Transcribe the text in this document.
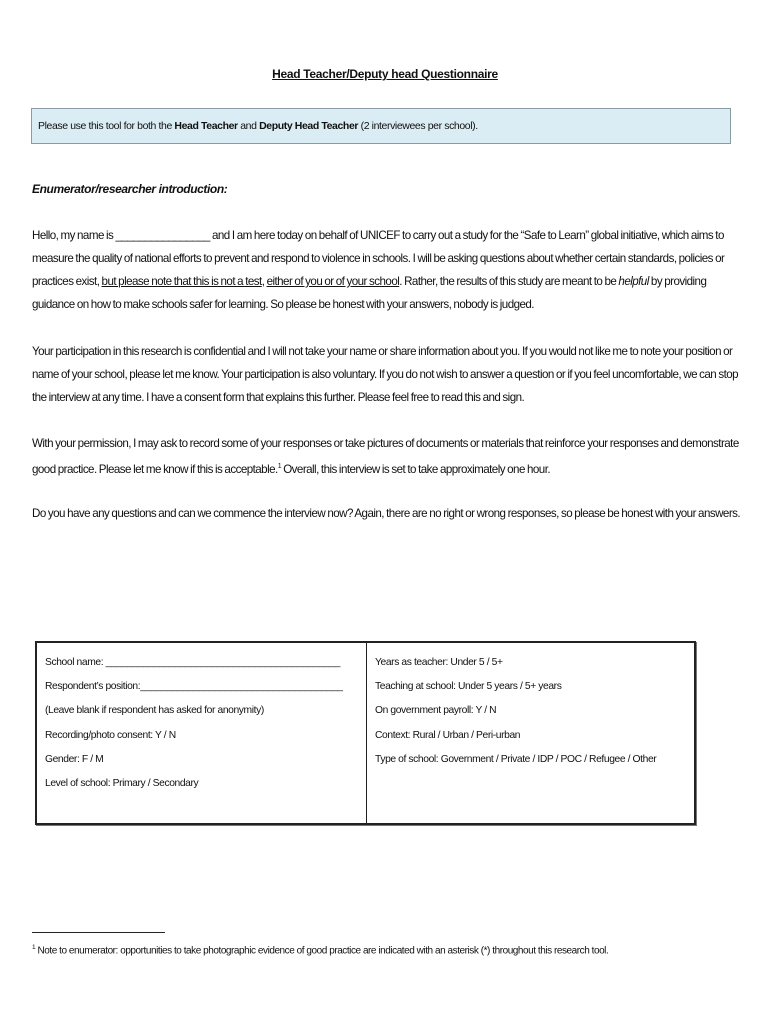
Head Teacher/Deputy head Questionnaire
Please use this tool for both the Head Teacher and Deputy Head Teacher (2 interviewees per school).
Enumerator/researcher introduction:
Hello, my name is ________________ and I am here today on behalf of UNICEF to carry out a study for the “Safe to Learn” global initiative, which aims to measure the quality of national efforts to prevent and respond to violence in schools. I will be asking questions about whether certain standards, policies or practices exist, but please note that this is not a test, either of you or of your school. Rather, the results of this study are meant to be helpful by providing guidance on how to make schools safer for learning. So please be honest with your answers, nobody is judged.
Your participation in this research is confidential and I will not take your name or share information about you. If you would not like me to note your position or name of your school, please let me know. Your participation is also voluntary. If you do not wish to answer a question or if you feel uncomfortable, we can stop the interview at any time. I have a consent form that explains this further. Please feel free to read this and sign.
With your permission, I may ask to record some of your responses or take pictures of documents or materials that reinforce your responses and demonstrate good practice. Please let me know if this is acceptable.$^1$ Overall, this interview is set to take approximately one hour.
Do you have any questions and can we commence the interview now? Again, there are no right or wrong responses, so please be honest with your answers.
School name: ____________________________________________
Respondent’s position:______________________________________
(Leave blank if respondent has asked for anonymity)
Recording/photo consent: Y / N
Gender: F / M
Level of school: Primary / Secondary
Years as teacher: Under 5 / 5+
Teaching at school: Under 5 years / 5+ years
On government payroll: Y / N
Context: Rural / Urban / Peri-urban
Type of school: Government / Private / IDP / POC / Refugee / Other
$^1$ Note to enumerator: opportunities to take photographic evidence of good practice are indicated with an asterisk (*) throughout this research tool.
